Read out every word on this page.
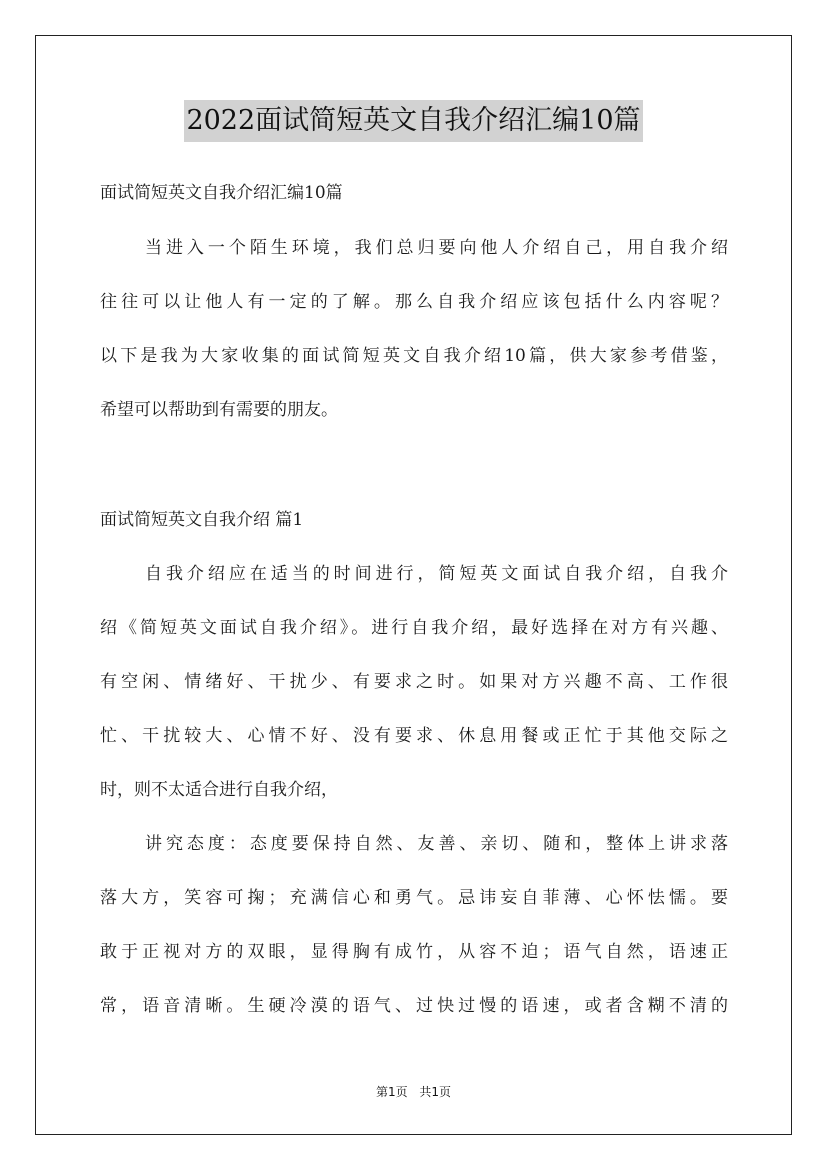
2022面试简短英文自我介绍汇编10篇
面试简短英文自我介绍汇编10篇
当进入一个陌生环境，我们总归要向他人介绍自己，用自我介绍
往往可以让他人有一定的了解。那么自我介绍应该包括什么内容呢？
以下是我为大家收集的面试简短英文自我介绍10篇，供大家参考借鉴，
希望可以帮助到有需要的朋友。
面试简短英文自我介绍 篇1
自我介绍应在适当的时间进行，简短英文面试自我介绍，自我介
绍《简短英文面试自我介绍》。进行自我介绍，最好选择在对方有兴趣、
有空闲、情绪好、干扰少、有要求之时。如果对方兴趣不高、工作很
忙、干扰较大、心情不好、没有要求、休息用餐或正忙于其他交际之
时，则不太适合进行自我介绍，
讲究态度：态度要保持自然、友善、亲切、随和，整体上讲求落
落大方，笑容可掬；充满信心和勇气。忌讳妄自菲薄、心怀怯懦。要
敢于正视对方的双眼，显得胸有成竹，从容不迫；语气自然，语速正
常，语音清晰。生硬冷漠的语气、过快过慢的语速，或者含糊不清的
第1页 共1页
